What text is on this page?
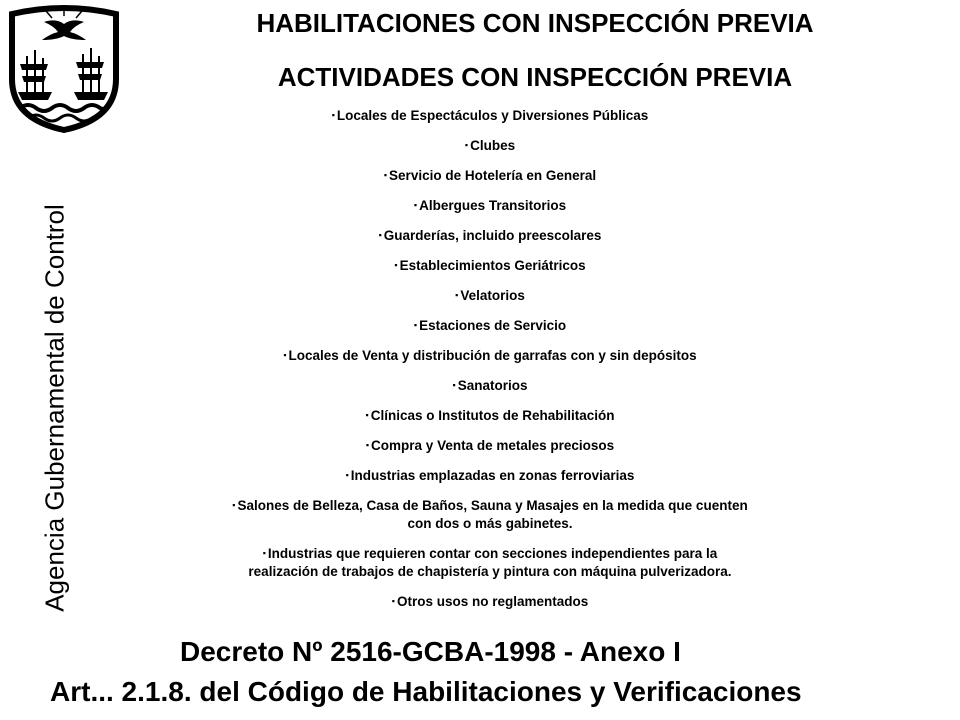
Agencia Gubernamental de Control
HABILITACIONES CON INSPECCIÓN PREVIA
ACTIVIDADES CON INSPECCIÓN PREVIA
▪ Locales de Espectáculos y Diversiones Públicas
▪ Clubes
▪ Servicio de Hotelería en General
▪ Albergues Transitorios
▪ Guarderías, incluido preescolares
▪ Establecimientos Geriátricos
▪ Velatorios
▪ Estaciones de Servicio
▪ Locales de Venta y distribución de garrafas con y sin depósitos
▪ Sanatorios
▪ Clínicas o Institutos de Rehabilitación
▪ Compra y Venta de metales preciosos
▪ Industrias emplazadas en zonas ferroviarias
▪ Salones de Belleza, Casa de Baños, Sauna y Masajes en la medida que cuenten con dos o más gabinetes.
▪ Industrias que requieren contar con secciones independientes para la realización de trabajos de chapistería y pintura con máquina pulverizadora.
▪ Otros usos no reglamentados
Decreto Nº 2516-GCBA-1998 - Anexo I
Art... 2.1.8. del Código de Habilitaciones y Verificaciones
